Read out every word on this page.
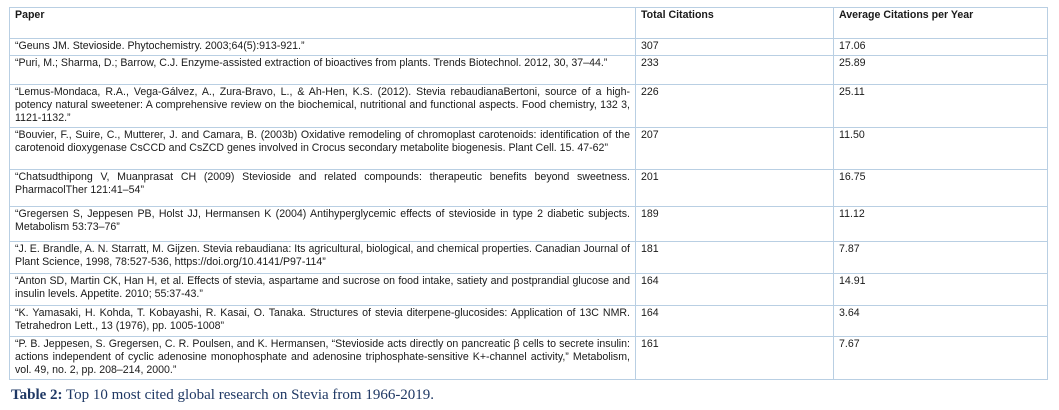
Paper	Total Citations	Average Citations per Year
“Geuns JM. Stevioside. Phytochemistry. 2003;64(5):913-921.”	307	17.06
“Puri, M.; Sharma, D.; Barrow, C.J. Enzyme-assisted extraction of bioactives from plants. Trends Biotechnol. 2012, 30, 37–44.”	233	25.89
“Lemus-Mondaca, R.A., Vega-Gálvez, A., Zura-Bravo, L., & Ah-Hen, K.S. (2012). Stevia rebaudianaBertoni, source of a high-potency natural sweetener: A comprehensive review on the biochemical, nutritional and functional aspects. Food chemistry, 132 3, 1121-1132.”	226	25.11
“Bouvier, F., Suire, C., Mutterer, J. and Camara, B. (2003b) Oxidative remodeling of chromoplast carotenoids: identification of the carotenoid dioxygenase CsCCD and CsZCD genes involved in Crocus secondary metabolite biogenesis. Plant Cell. 15. 47-62”	207	11.50
“Chatsudthipong V, Muanprasat CH (2009) Stevioside and related compounds: therapeutic benefits beyond sweetness. PharmacolTher 121:41–54”	201	16.75
“Gregersen S, Jeppesen PB, Holst JJ, Hermansen K (2004) Antihyperglycemic effects of stevioside in type 2 diabetic subjects. Metabolism 53:73–76”	189	11.12
“J. E. Brandle, A. N. Starratt, M. Gijzen. Stevia rebaudiana: Its agricultural, biological, and chemical properties. Canadian Journal of Plant Science, 1998, 78:527-536, https://doi.org/10.4141/P97-114”	181	7.87
“Anton SD, Martin CK, Han H, et al. Effects of stevia, aspartame and sucrose on food intake, satiety and postprandial glucose and insulin levels. Appetite. 2010; 55:37-43.”	164	14.91
“K. Yamasaki, H. Kohda, T. Kobayashi, R. Kasai, O. Tanaka. Structures of stevia diterpene-glucosides: Application of 13C NMR. Tetrahedron Lett., 13 (1976), pp. 1005-1008”	164	3.64
“P. B. Jeppesen, S. Gregersen, C. R. Poulsen, and K. Hermansen, “Stevioside acts directly on pancreatic β cells to secrete insulin: actions independent of cyclic adenosine monophosphate and adenosine triphosphate-sensitive K+-channel activity,” Metabolism, vol. 49, no. 2, pp. 208–214, 2000.”	161	7.67
Table 2: Top 10 most cited global research on Stevia from 1966-2019.
